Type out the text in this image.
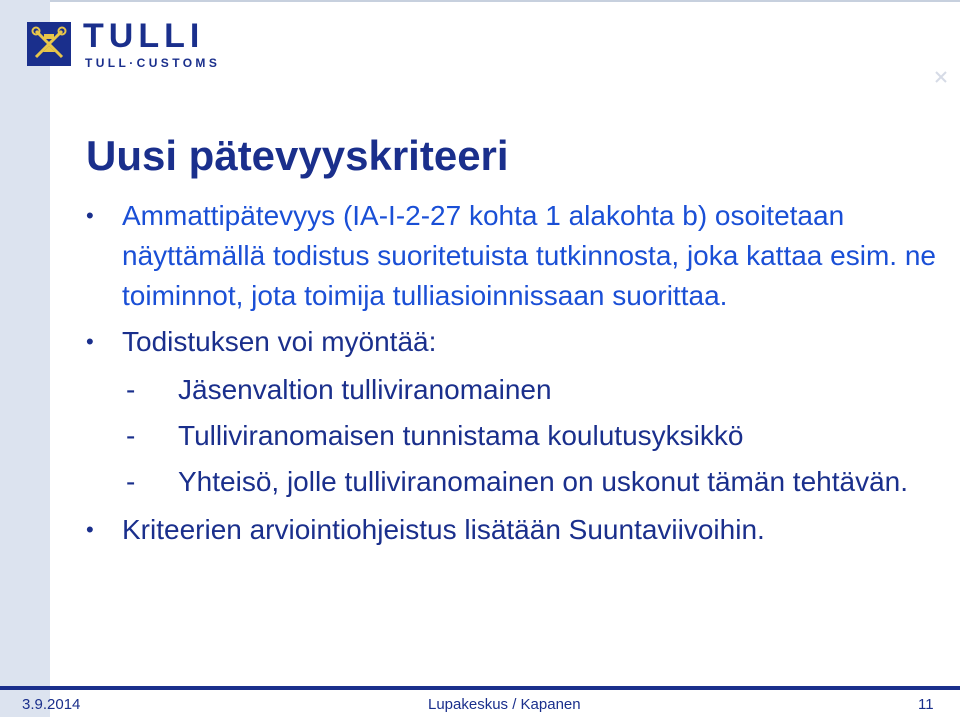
TULLI
TULL·CUSTOMS
Uusi pätevyyskriteeri
• Ammattipätevyys (IA-I-2-27 kohta 1 alakohta b) osoitetaan näyttämällä todistus suoritetuista tutkinnosta, joka kattaa esim. ne toiminnot, jota toimija tulliasioinnissaan suorittaa.
• Todistuksen voi myöntää:
- Jäsenvaltion tulliviranomainen
- Tulliviranomaisen tunnistama koulutusyksikkö
- Yhteisö, jolle tulliviranomainen on uskonut tämän tehtävän.
• Kriteerien arviointiohjeistus lisätään Suuntaviivoihin.
3.9.2014	Lupakeskus / Kapanen	11
